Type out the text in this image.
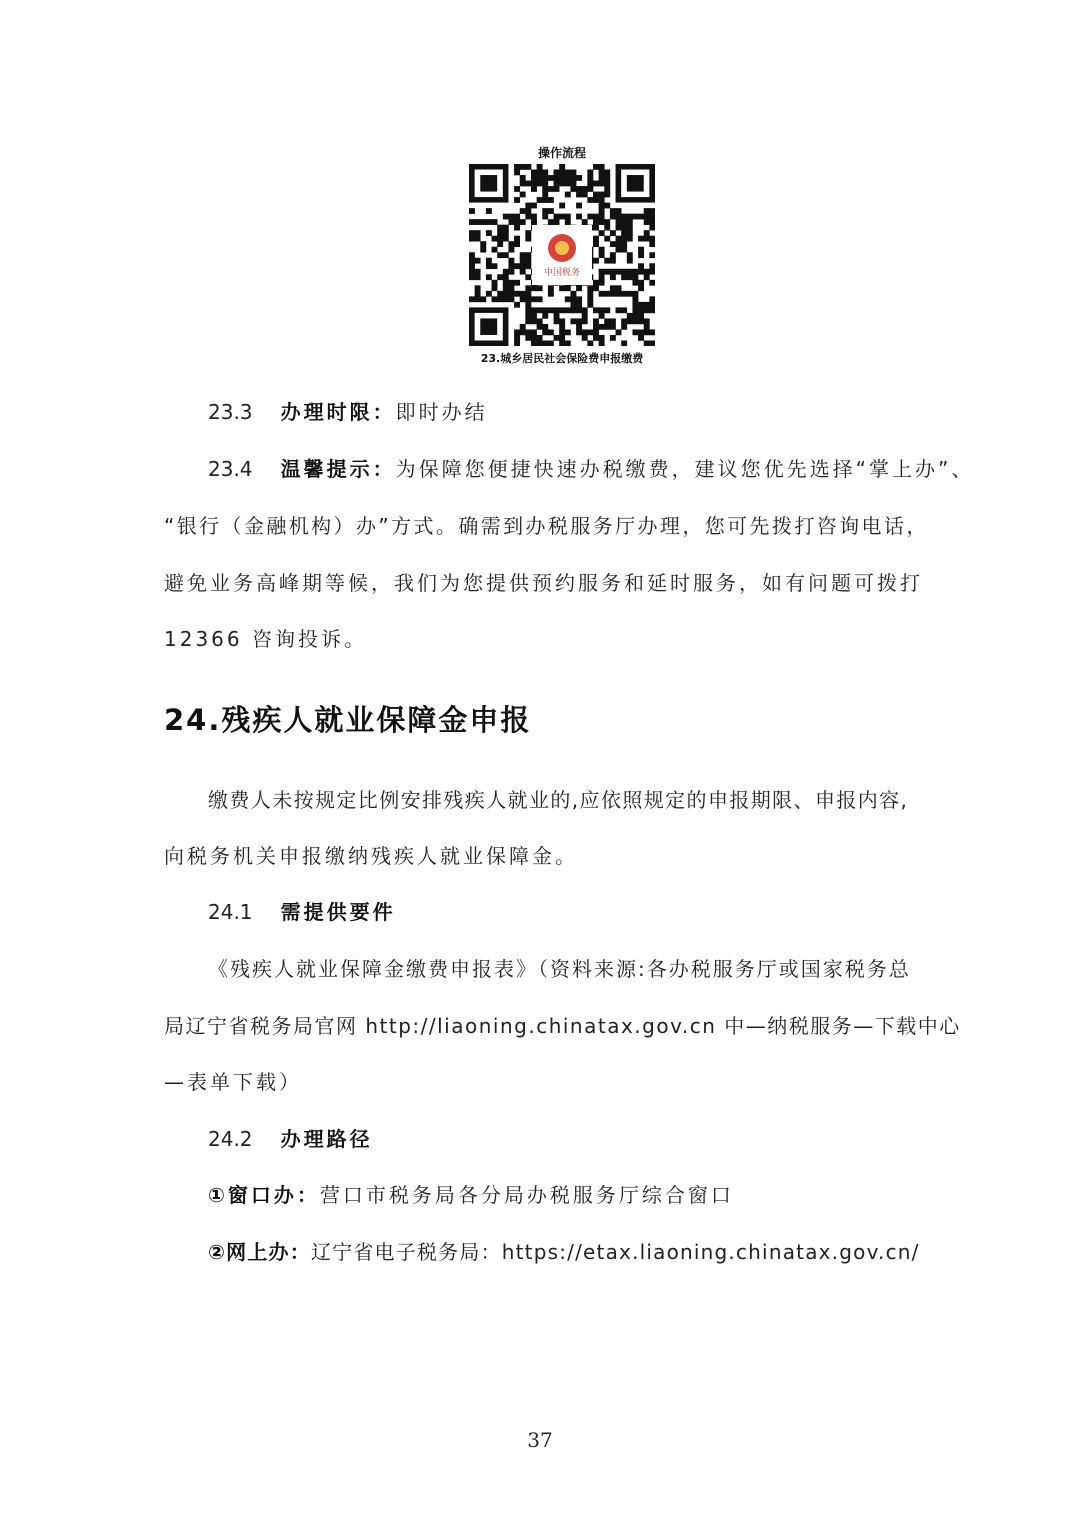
操作流程
中国税务
23.城乡居民社会保险费申报缴费
23.3 办理时限：即时办结
23.4 温馨提示：为保障您便捷快速办税缴费，建议您优先选择“掌上办”、
“银行（金融机构）办”方式。确需到办税服务厅办理，您可先拨打咨询电话，
避免业务高峰期等候，我们为您提供预约服务和延时服务，如有问题可拨打
12366 咨询投诉。
24.残疾人就业保障金申报
缴费人未按规定比例安排残疾人就业的,应依照规定的申报期限、申报内容,
向税务机关申报缴纳残疾人就业保障金。
24.1 需提供要件
《残疾人就业保障金缴费申报表》（资料来源:各办税服务厅或国家税务总
局辽宁省税务局官网 http://liaoning.chinatax.gov.cn 中—纳税服务—下载中心
—表单下载）
24.2 办理路径
①窗口办：营口市税务局各分局办税服务厅综合窗口
②网上办：辽宁省电子税务局：https://etax.liaoning.chinatax.gov.cn/
37
